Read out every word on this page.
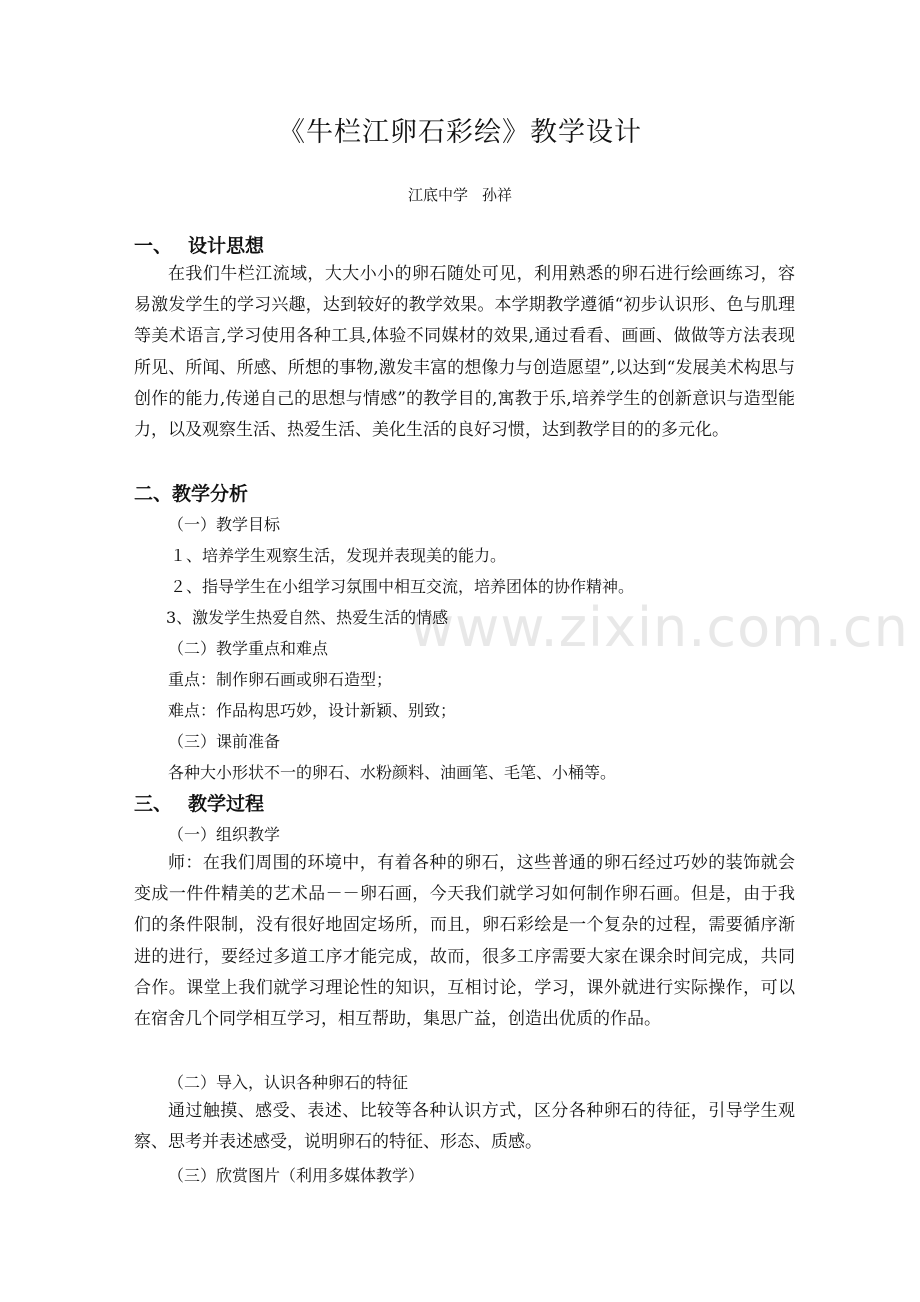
www.zixin.com.cn
《牛栏江卵石彩绘》教学设计
江底中学 孙祥
一、 设计思想
在我们牛栏江流域，大大小小的卵石随处可见，利用熟悉的卵石进行绘画练习，容易激发学生的学习兴趣，达到较好的教学效果。本学期教学遵循“初步认识形、色与肌理等美术语言,学习使用各种工具,体验不同媒材的效果,通过看看、画画、做做等方法表现所见、所闻、所感、所想的事物,激发丰富的想像力与创造愿望”,以达到“发展美术构思与创作的能力,传递自己的思想与情感”的教学目的,寓教于乐,培养学生的创新意识与造型能力，以及观察生活、热爱生活、美化生活的良好习惯，达到教学目的的多元化。
二、教学分析
（一）教学目标
１、培养学生观察生活，发现并表现美的能力。
２、指导学生在小组学习氛围中相互交流，培养团体的协作精神。
3、激发学生热爱自然、热爱生活的情感
（二）教学重点和难点
重点：制作卵石画或卵石造型；
难点：作品构思巧妙，设计新颖、别致；
（三）课前准备
各种大小形状不一的卵石、水粉颜料、油画笔、毛笔、小桶等。
三、 教学过程
（一）组织教学
师：在我们周围的环境中，有着各种的卵石，这些普通的卵石经过巧妙的装饰就会变成一件件精美的艺术品－－卵石画，今天我们就学习如何制作卵石画。但是，由于我们的条件限制，没有很好地固定场所，而且，卵石彩绘是一个复杂的过程，需要循序渐进的进行，要经过多道工序才能完成，故而，很多工序需要大家在课余时间完成，共同合作。课堂上我们就学习理论性的知识，互相讨论，学习，课外就进行实际操作，可以在宿舍几个同学相互学习，相互帮助，集思广益，创造出优质的作品。
（二）导入，认识各种卵石的特征
通过触摸、感受、表述、比较等各种认识方式，区分各种卵石的待征，引导学生观察、思考并表述感受，说明卵石的特征、形态、质感。
（三）欣赏图片（利用多媒体教学）
